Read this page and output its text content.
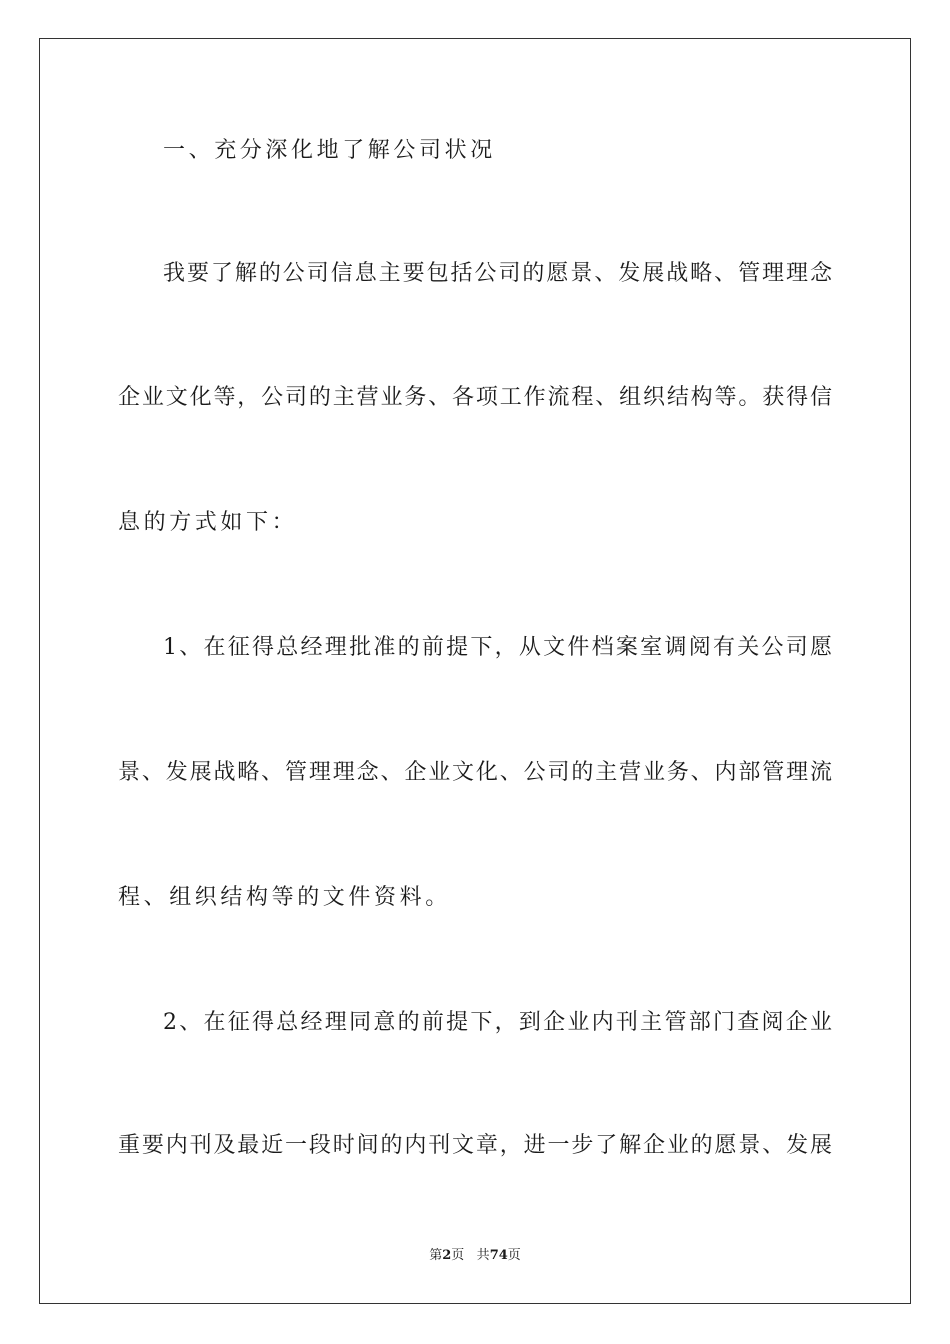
一、充分深化地了解公司状况
我要了解的公司信息主要包括公司的愿景、发展战略、管理理念
企业文化等，公司的主营业务、各项工作流程、组织结构等。获得信
息的方式如下：
1、在征得总经理批准的前提下，从文件档案室调阅有关公司愿
景、发展战略、管理理念、企业文化、公司的主营业务、内部管理流
程、组织结构等的文件资料。
2、在征得总经理同意的前提下，到企业内刊主管部门查阅企业
重要内刊及最近一段时间的内刊文章，进一步了解企业的愿景、发展
第2页 共74页
